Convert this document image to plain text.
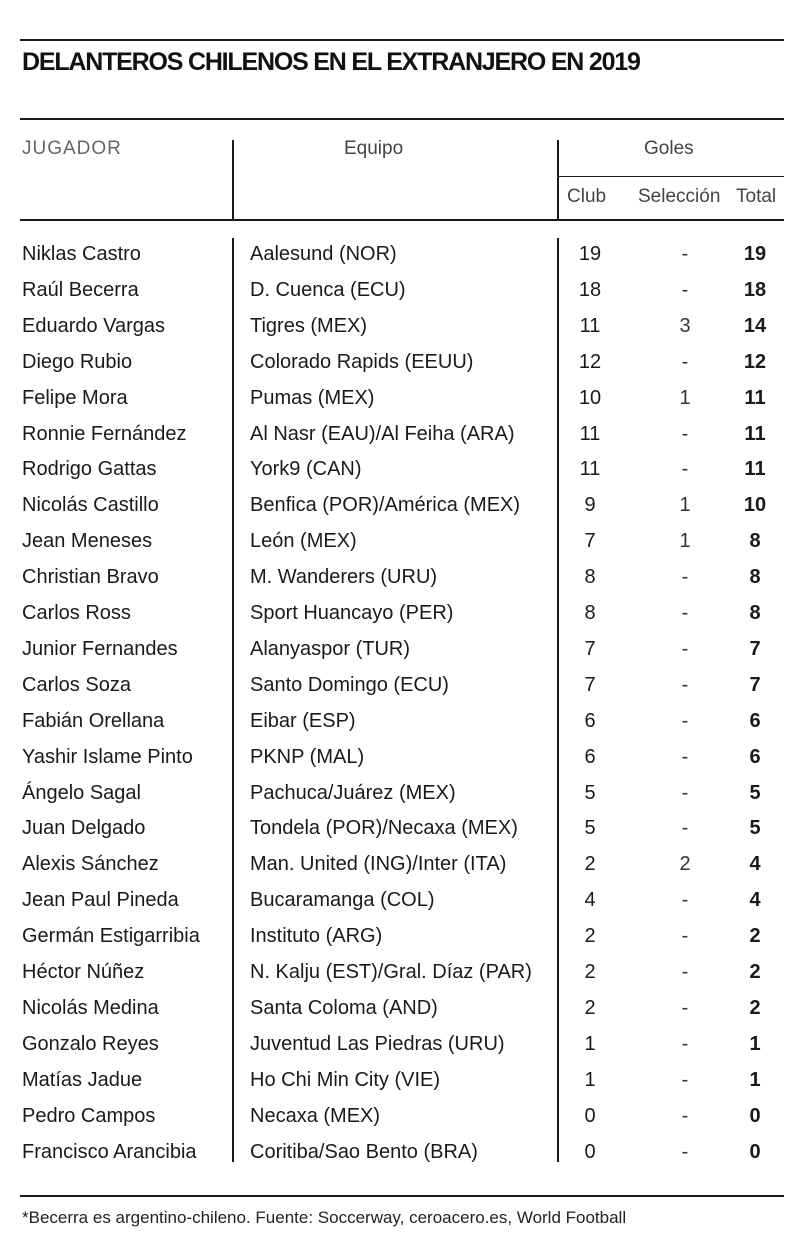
DELANTEROS CHILENOS EN EL EXTRANJERO EN 2019
JUGADOR	Equipo	Goles
Club Selección Total
Niklas Castro	Aalesund (NOR)	19	-	19
Raúl Becerra	D. Cuenca (ECU)	18	-	18
Eduardo Vargas	Tigres (MEX)	11	3	14
Diego Rubio	Colorado Rapids (EEUU)	12	-	12
Felipe Mora	Pumas (MEX)	10	1	11
Ronnie Fernández	Al Nasr (EAU)/Al Feiha (ARA)	11	-	11
Rodrigo Gattas	York9 (CAN)	11	-	11
Nicolás Castillo	Benfica (POR)/América (MEX)	9	1	10
Jean Meneses	León (MEX)	7	1	8
Christian Bravo	M. Wanderers (URU)	8	-	8
Carlos Ross	Sport Huancayo (PER)	8	-	8
Junior Fernandes	Alanyaspor (TUR)	7	-	7
Carlos Soza	Santo Domingo (ECU)	7	-	7
Fabián Orellana	Eibar (ESP)	6	-	6
Yashir Islame Pinto	PKNP (MAL)	6	-	6
Ángelo Sagal	Pachuca/Juárez (MEX)	5	-	5
Juan Delgado	Tondela (POR)/Necaxa (MEX)	5	-	5
Alexis Sánchez	Man. United (ING)/Inter (ITA)	2	2	4
Jean Paul Pineda	Bucaramanga (COL)	4	-	4
Germán Estigarribia	Instituto (ARG)	2	-	2
Héctor Núñez	N. Kalju (EST)/Gral. Díaz (PAR)	2	-	2
Nicolás Medina	Santa Coloma (AND)	2	-	2
Gonzalo Reyes	Juventud Las Piedras (URU)	1	-	1
Matías Jadue	Ho Chi Min City (VIE)	1	-	1
Pedro Campos	Necaxa (MEX)	0	-	0
Francisco Arancibia	Coritiba/Sao Bento (BRA)	0	-	0
*Becerra es argentino-chileno. Fuente: Soccerway, ceroacero.es, World Football
